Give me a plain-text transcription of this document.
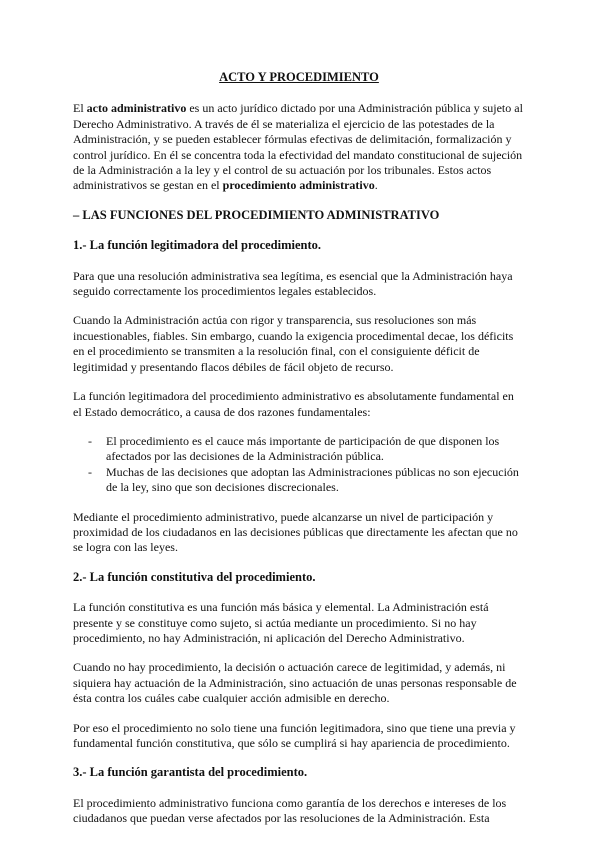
ACTO Y PROCEDIMIENTO

El acto administrativo es un acto jurídico dictado por una Administración pública y sujeto al Derecho Administrativo. A través de él se materializa el ejercicio de las potestades de la Administración, y se pueden establecer fórmulas efectivas de delimitación, formalización y control jurídico. En él se concentra toda la efectividad del mandato constitucional de sujeción de la Administración a la ley y el control de su actuación por los tribunales. Estos actos administrativos se gestan en el procedimiento administrativo.

– LAS FUNCIONES DEL PROCEDIMIENTO ADMINISTRATIVO
1.- La función legitimadora del procedimiento.

Para que una resolución administrativa sea legítima, es esencial que la Administración haya seguido correctamente los procedimientos legales establecidos.

Cuando la Administración actúa con rigor y transparencia, sus resoluciones son más incuestionables, fiables. Sin embargo, cuando la exigencia procedimental decae, los déficits en el procedimiento se transmiten a la resolución final, con el consiguiente déficit de legitimidad y presentando flacos débiles de fácil objeto de recurso.

La función legitimadora del procedimiento administrativo es absolutamente fundamental en el Estado democrático, a causa de dos razones fundamentales:

- El procedimiento es el cauce más importante de participación de que disponen los afectados por las decisiones de la Administración pública.
- Muchas de las decisiones que adoptan las Administraciones públicas no son ejecución de la ley, sino que son decisiones discrecionales.

Mediante el procedimiento administrativo, puede alcanzarse un nivel de participación y proximidad de los ciudadanos en las decisiones públicas que directamente les afectan que no se logra con las leyes.

2.- La función constitutiva del procedimiento.

La función constitutiva es una función más básica y elemental. La Administración está presente y se constituye como sujeto, si actúa mediante un procedimiento. Si no hay procedimiento, no hay Administración, ni aplicación del Derecho Administrativo.

Cuando no hay procedimiento, la decisión o actuación carece de legitimidad, y además, ni siquiera hay actuación de la Administración, sino actuación de unas personas responsable de ésta contra los cuáles cabe cualquier acción admisible en derecho.

Por eso el procedimiento no solo tiene una función legitimadora, sino que tiene una previa y fundamental función constitutiva, que sólo se cumplirá si hay apariencia de procedimiento.

3.- La función garantista del procedimiento.

El procedimiento administrativo funciona como garantía de los derechos e intereses de los ciudadanos que puedan verse afectados por las resoluciones de la Administración. Esta
